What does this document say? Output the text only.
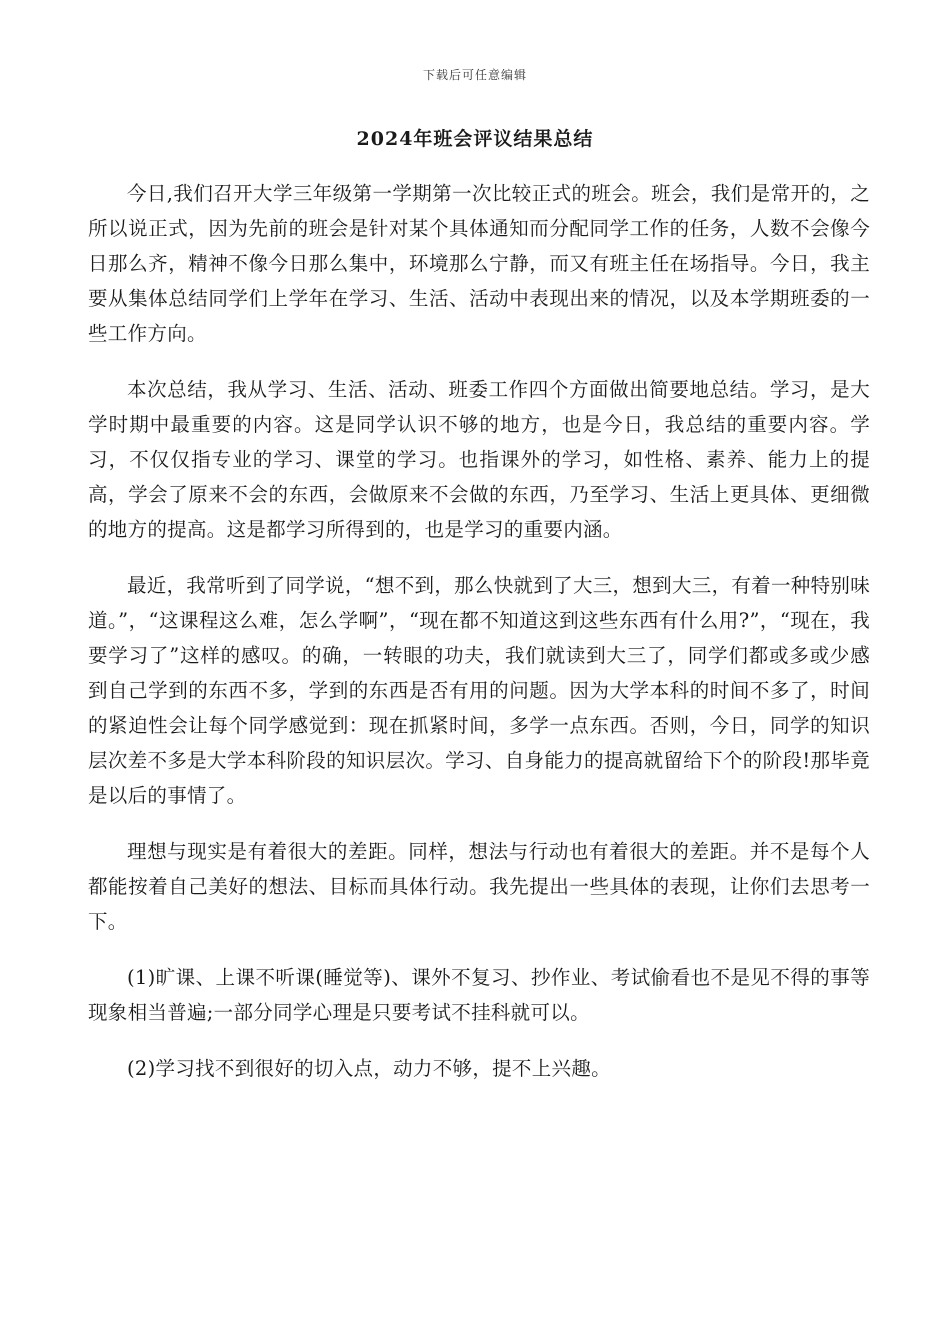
下载后可任意编辑
2024年班会评议结果总结

今日,我们召开大学三年级第一学期第一次比较正式的班会。班会，我们是常开的，之所以说正式，因为先前的班会是针对某个具体通知而分配同学工作的任务，人数不会像今日那么齐，精神不像今日那么集中，环境那么宁静，而又有班主任在场指导。今日，我主要从集体总结同学们上学年在学习、生活、活动中表现出来的情况，以及本学期班委的一些工作方向。

本次总结，我从学习、生活、活动、班委工作四个方面做出简要地总结。学习，是大学时期中最重要的内容。这是同学认识不够的地方，也是今日，我总结的重要内容。学习，不仅仅指专业的学习、课堂的学习。也指课外的学习，如性格、素养、能力上的提高，学会了原来不会的东西，会做原来不会做的东西，乃至学习、生活上更具体、更细微的地方的提高。这是都学习所得到的，也是学习的重要内涵。

最近，我常听到了同学说，“想不到，那么快就到了大三，想到大三，有着一种特别味道。”，“这课程这么难，怎么学啊”，“现在都不知道这到这些东西有什么用?”，“现在，我要学习了”这样的感叹。的确，一转眼的功夫，我们就读到大三了，同学们都或多或少感到自己学到的东西不多，学到的东西是否有用的问题。因为大学本科的时间不多了，时间的紧迫性会让每个同学感觉到：现在抓紧时间，多学一点东西。否则，今日，同学的知识层次差不多是大学本科阶段的知识层次。学习、自身能力的提高就留给下个的阶段!那毕竟是以后的事情了。

理想与现实是有着很大的差距。同样，想法与行动也有着很大的差距。并不是每个人都能按着自己美好的想法、目标而具体行动。我先提出一些具体的表现，让你们去思考一下。

(1)旷课、上课不听课(睡觉等)、课外不复习、抄作业、考试偷看也不是见不得的事等现象相当普遍;一部分同学心理是只要考试不挂科就可以。

(2)学习找不到很好的切入点，动力不够，提不上兴趣。
